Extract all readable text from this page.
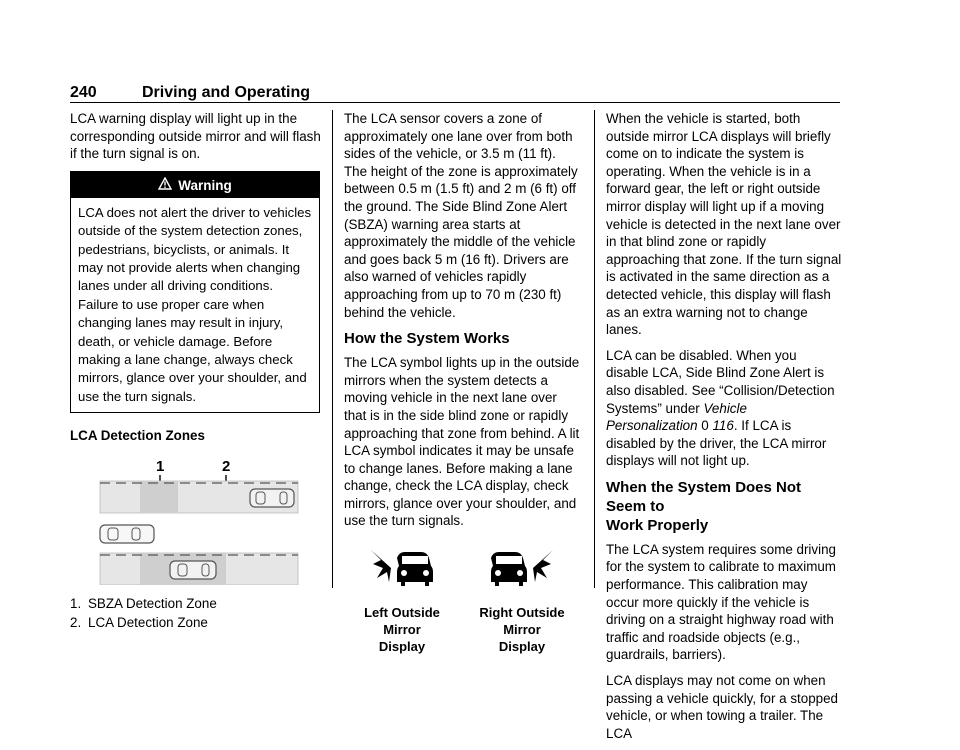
240	Driving and Operating

LCA warning display will light up in the corresponding outside mirror and will flash if the turn signal is on.

Warning
LCA does not alert the driver to vehicles outside of the system detection zones, pedestrians, bicyclists, or animals. It may not provide alerts when changing lanes under all driving conditions. Failure to use proper care when changing lanes may result in injury, death, or vehicle damage. Before making a lane change, always check mirrors, glance over your shoulder, and use the turn signals.
LCA Detection Zones
1	2
1. SBZA Detection Zone
2. LCA Detection Zone

The LCA sensor covers a zone of approximately one lane over from both sides of the vehicle, or 3.5 m (11 ft). The height of the zone is approximately between 0.5 m (1.5 ft) and 2 m (6 ft) off the ground. The Side Blind Zone Alert (SBZA) warning area starts at approximately the middle of the vehicle and goes back 5 m (16 ft). Drivers are also warned of vehicles rapidly approaching from up to 70 m (230 ft) behind the vehicle.

How the System Works

The LCA symbol lights up in the outside mirrors when the system detects a moving vehicle in the next lane over that is in the side blind zone or rapidly approaching that zone from behind. A lit LCA symbol indicates it may be unsafe to change lanes. Before making a lane change, check the LCA display, check mirrors, glance over your shoulder, and use the turn signals.

Left Outside Mirror
Display
Right Outside Mirror
Display

When the vehicle is started, both outside mirror LCA displays will briefly come on to indicate the system is operating. When the vehicle is in a forward gear, the left or right outside mirror display will light up if a moving vehicle is detected in the next lane over in that blind zone or rapidly approaching that zone. If the turn signal is activated in the same direction as a detected vehicle, this display will flash as an extra warning not to change lanes.

LCA can be disabled. When you disable LCA, Side Blind Zone Alert is also disabled. See “Collision/Detection Systems” under Vehicle Personalization 0 116. If LCA is disabled by the driver, the LCA mirror displays will not light up.

When the System Does Not Seem to
Work Properly

The LCA system requires some driving for the system to calibrate to maximum performance. This calibration may occur more quickly if the vehicle is driving on a straight highway road with traffic and roadside objects (e.g., guardrails, barriers).

LCA displays may not come on when passing a vehicle quickly, for a stopped vehicle, or when towing a trailer. The LCA
